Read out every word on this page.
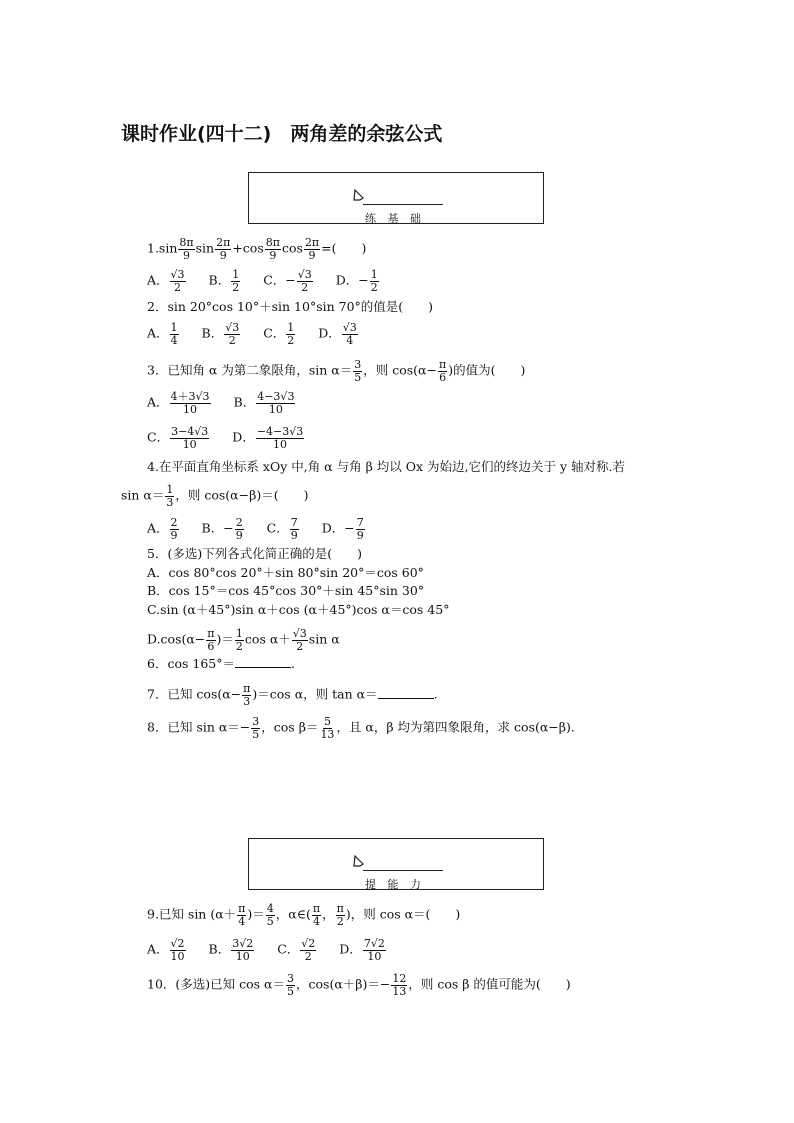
课时作业(四十二)　两角差的余弦公式
练 基 础
$1.\sin \frac{8\pi}{9}$ $\sin \frac{2\pi}{9} +\cos \frac{8\pi}{9}$ $\cos \frac{2\pi}{9}$ =(　　)
A． $\frac{√3}{2}$ B． $\frac{1}{2}$ C．− $\frac{√3}{2}$ D．− $\frac{1}{2}$
2．sin 20°cos 10°＋sin 10°sin 70°的值是(　　)
A． $\frac{1}{4}$ B． $\frac{√3}{2}$ C． $\frac{1}{2}$ D． $\frac{√3}{4}$
3．已知角 α 为第二象限角，$\sin \alpha= \frac{3}{5}$ ，则 $\cos(\alpha- \frac{\pi}{6}$ )的值为(　　)
A． $\frac{4+3√3}{10}$ B． $\frac{4-3√3}{10}$
C． $\frac{3-4√3}{10}$ D． $\frac{-4-3√3}{10}$
4.在平面直角坐标系 xOy 中,角 α 与角 β 均以 Ox 为始边,它们的终边关于 y 轴对称.若
$\sin \alpha= \frac{1}{3}$ ，则 cos(α−β)＝(　　)
A． $\frac{2}{9}$ B．− $\frac{2}{9}$ C． $\frac{7}{9}$ D．− $\frac{7}{9}$
5．(多选)下列各式化简正确的是(　　)
A．cos 80°cos 20°＋sin 80°sin 20°＝cos 60°
B．cos 15°＝cos 45°cos 30°＋sin 45°sin 30°
C.sin (α＋45°)sin α＋cos (α＋45°)cos α＝cos 45°
$D.\cos(\alpha- \frac{\pi}{6}$ )＝ $\frac{1}{2}$ $\cos \alpha+ \frac{√3}{2}$ sin α
6．cos 165°＝	.
7．已知 $\cos(\alpha- \frac{\pi}{3} )=\cos$ α，则 tan α＝	.
8．已知 $\sin \alpha=- \frac{3}{5}$ ，$\cos \beta= \frac{5}{13}$ ，且 α，β 均为第四象限角，求 cos(α−β).
提 能 力
9.已知 $\sin (\alpha+ \frac{\pi}{4}$ )＝ $\frac{4}{5}$ ，α∈( $\frac{\pi}{4}$ ， $\frac{\pi}{2}$ )，则 cos α＝(　　)
A． $\frac{√2}{10}$ B． $\frac{3√2}{10}$ C． $\frac{√2}{2}$ D． $\frac{7√2}{10}$
10．(多选)已知 $\cos \alpha= \frac{3}{5}$ ，$\cos(\alpha+\beta)=- \frac{12}{13}$ ，则 cos β 的值可能为(　　)
